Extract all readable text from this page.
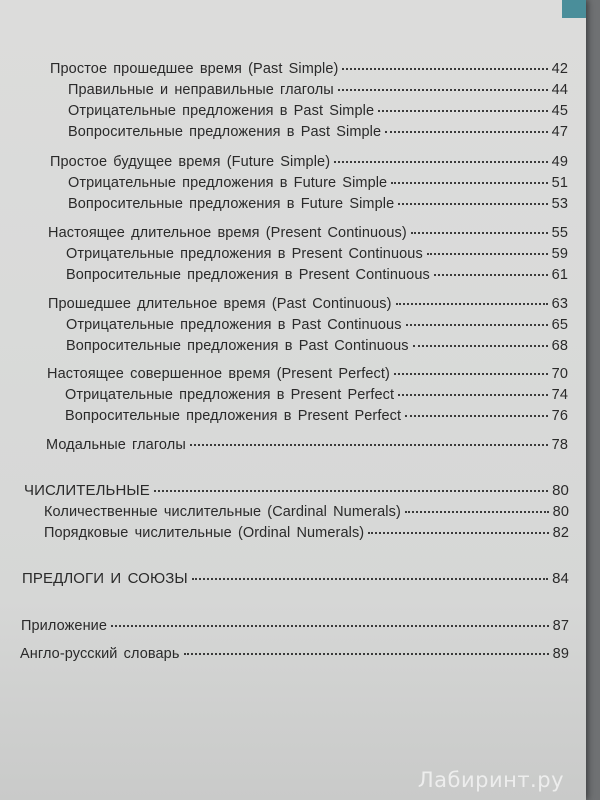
Простое прошедшее время (Past Simple)	42
Правильные и неправильные глаголы	44
Отрицательные предложения в Past Simple	45
Вопросительные предложения в Past Simple	47
Простое будущее время (Future Simple)	49
Отрицательные предложения в Future Simple	51
Вопросительные предложения в Future Simple	53
Настоящее длительное время (Present Continuous)	55
Отрицательные предложения в Present Continuous	59
Вопросительные предложения в Present Continuous	61
Прошедшее длительное время (Past Continuous)	63
Отрицательные предложения в Past Continuous	65
Вопросительные предложения в Past Continuous	68
Настоящее совершенное время (Present Perfect)	70
Отрицательные предложения в Present Perfect	74
Вопросительные предложения в Present Perfect	76
Модальные глаголы	78
ЧИСЛИТЕЛЬНЫЕ	80
Количественные числительные (Cardinal Numerals)	80
Порядковые числительные (Ordinal Numerals)	82
ПРЕДЛОГИ И СОЮЗЫ	84
Приложение	87
Англо-русский словарь	89
Лабиринт.ру
